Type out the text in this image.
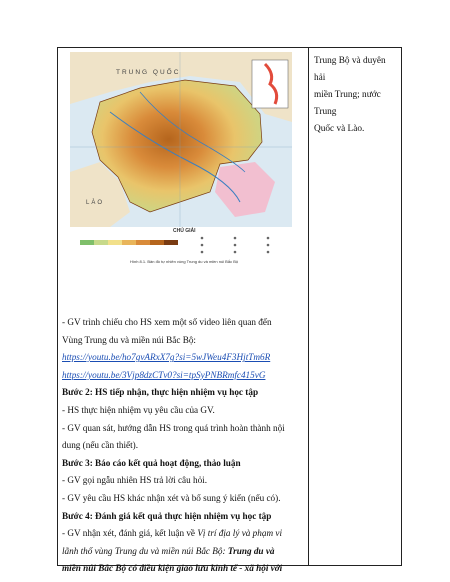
TRUNG QUỐC
LÀO
CHÚ GIẢI
Hình 8.1. Bản đồ tự nhiên vùng Trung du và miền núi Bắc Bộ

- GV trình chiếu cho HS xem một số video liên quan đến

Vùng Trung du và miền núi Bắc Bộ:

https://youtu.be/ho7gvARxX7g?si=5wJWeu4F3HjtTm6R

https://youtu.be/3Vjp8dzCTv0?si=tpSyPNBRmfc415vG

Bước 2: HS tiếp nhận, thực hiện nhiệm vụ học tập

- HS thực hiện nhiệm vụ yêu cầu của GV.

- GV quan sát, hướng dẫn HS trong quá trình hoàn thành nội

dung (nếu cần thiết).

Bước 3: Báo cáo kết quả hoạt động, thảo luận

- GV gọi ngẫu nhiên HS trả lời câu hỏi.

- GV yêu cầu HS khác nhận xét và bổ sung ý kiến (nếu có).

Bước 4: Đánh giá kết quả thực hiện nhiệm vụ học tập

- GV nhận xét, đánh giá, kết luận về Vị trí địa lý và phạm vi

lãnh thổ vùng Trung du và miền núi Bắc Bộ: Trung du và

miền núi Bắc Bộ có điều kiện giao lưu kinh tế - xã hội với

Trung Bộ và duyên hải

miền Trung; nước Trung

Quốc và Lào.
